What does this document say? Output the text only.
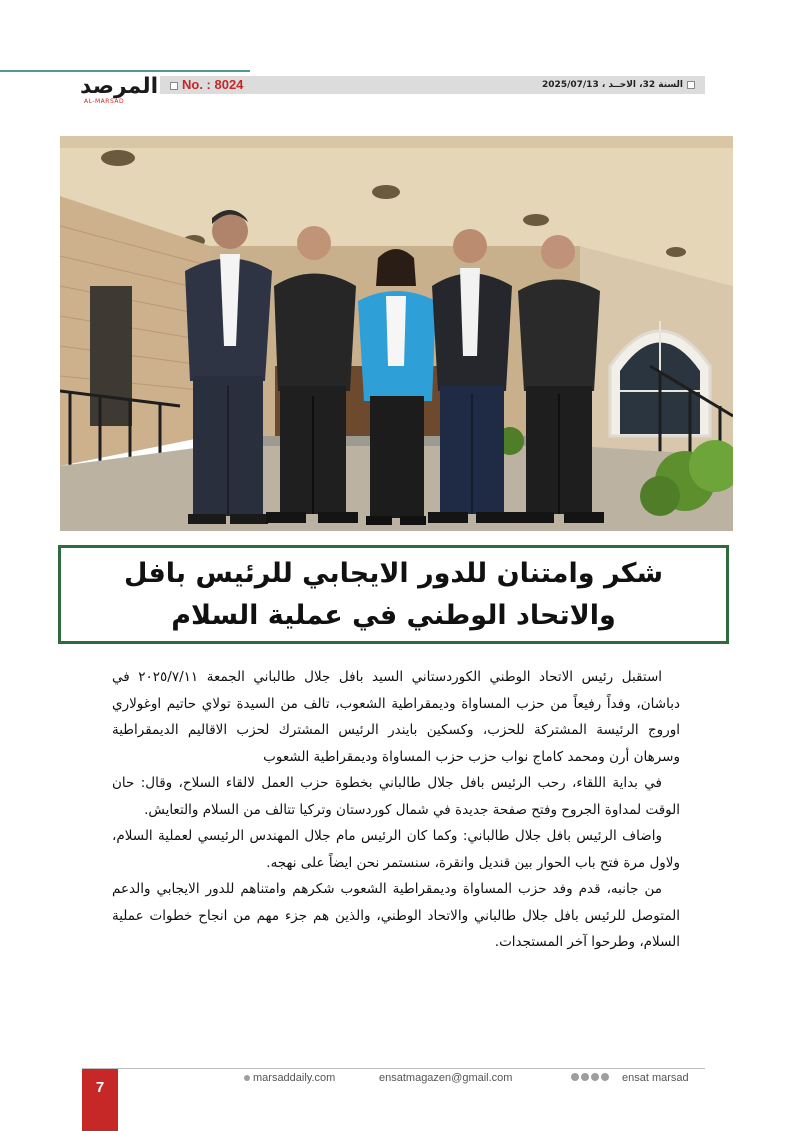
المرصد
AL-MARSAD
No. : 8024	السنة 32، الاحــد ، 2025/07/13
شكر وامتنان للدور الايجابي للرئيس بافل
والاتحاد الوطني في عملية السلام

استقبل رئيس الاتحاد الوطني الكوردستاني السيد بافل جلال طالباني الجمعة ٢٠٢٥/٧/١١ في دباشان، وفداً رفيعاً من حزب المساواة وديمقراطية الشعوب، تالف من السيدة تولاي حاتيم اوغولاري اوروج الرئيسة المشتركة للحزب، وكسكين بايندر الرئيس المشترك لحزب الاقاليم الديمقراطية وسرهان أرن ومحمد كاماج نواب حزب حزب المساواة وديمقراطية الشعوب

في بداية اللقاء، رحب الرئيس بافل جلال طالباني بخطوة حزب العمل لالقاء السلاح، وقال: حان الوقت لمداوة الجروح وفتح صفحة جديدة في شمال كوردستان وتركيا تتالف من السلام والتعايش.

واضاف الرئيس بافل جلال طالباني: وكما كان الرئيس مام جلال المهندس الرئيسي لعملية السلام، ولاول مرة فتح باب الحوار بين قنديل وانقرة، سنستمر نحن ايضاً على نهجه.

من جانبه، قدم وفد حزب المساواة وديمقراطية الشعوب شكرهم وامتناهم للدور الايجابي والدعم المتوصل للرئيس بافل جلال طالباني والاتحاد الوطني، والذين هم جزء مهم من انجاح خطوات عملية السلام، وطرحوا آخر المستجدات.

7
marsaddaily.com	ensatmagazen@gmail.com	ensat marsad
